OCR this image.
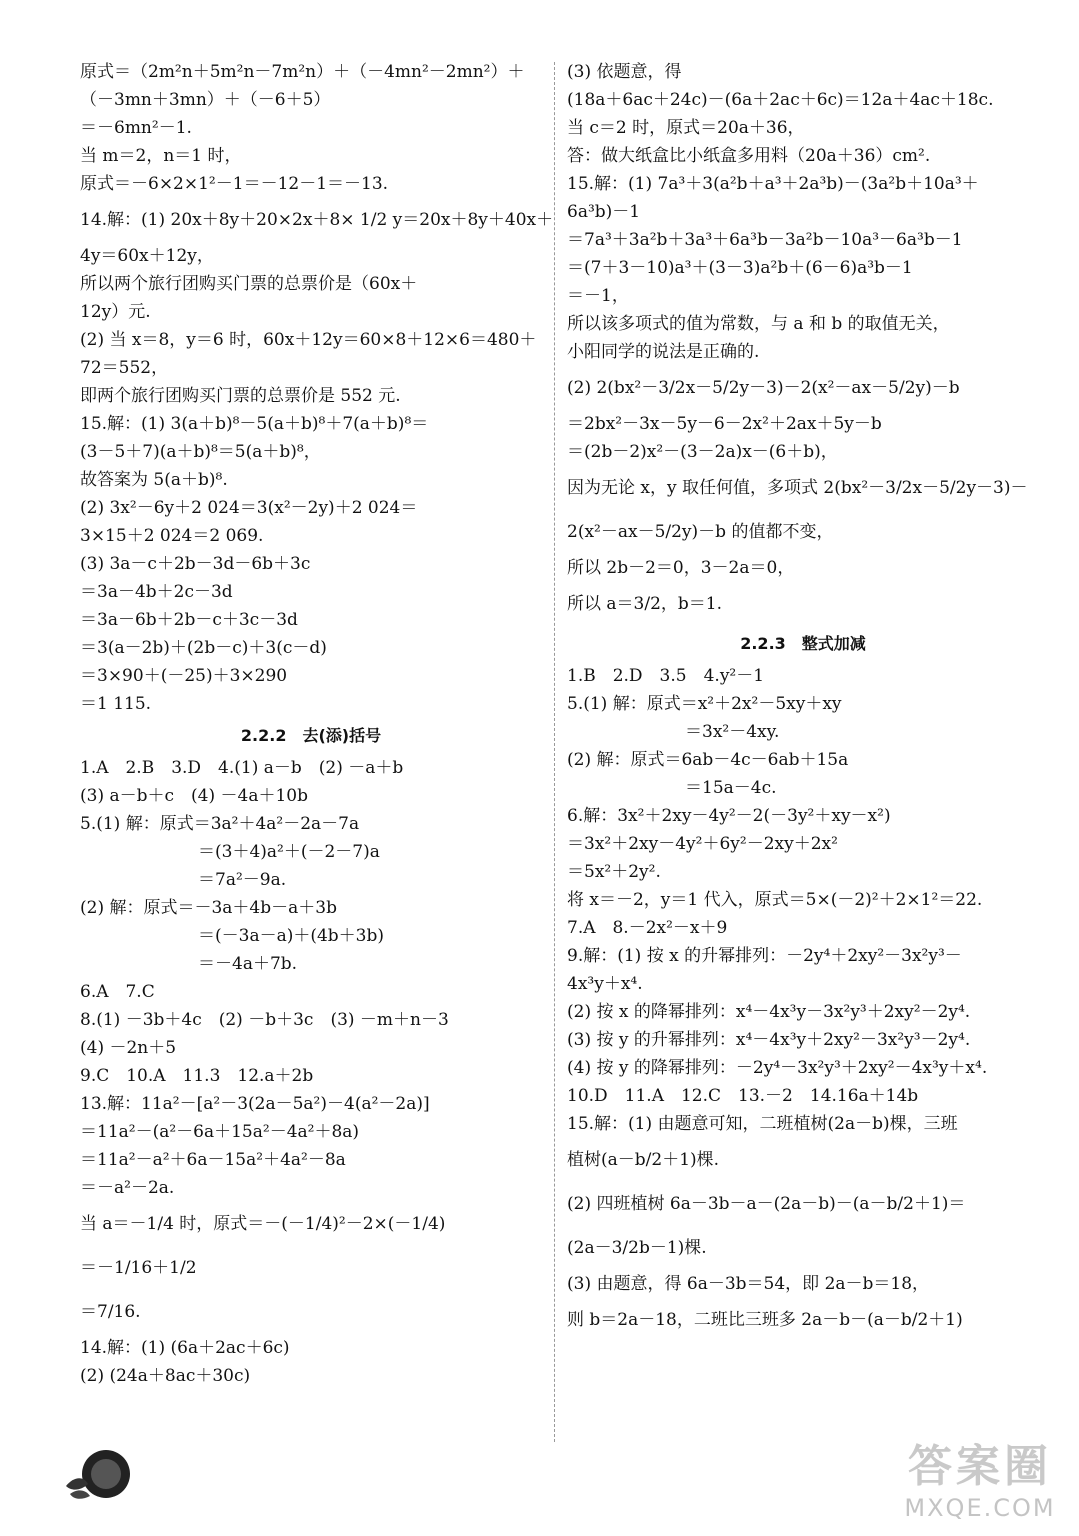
原式＝（2m²n＋5m²n－7m²n）＋（－4mn²－2mn²）＋
（－3mn＋3mn）＋（－6＋5）
＝－6mn²－1.
当 m＝2，n＝1 时，
原式＝－6×2×1²－1＝－12－1＝－13.
14.解：(1) 20x＋8y＋20×2x＋8× 1/2 y＝20x＋8y＋40x＋
4y＝60x＋12y，
所以两个旅行团购买门票的总票价是（60x＋
12y）元.
(2) 当 x＝8，y＝6 时，60x＋12y＝60×8＋12×6＝480＋
72＝552，
即两个旅行团购买门票的总票价是 552 元.
15.解：(1) 3(a＋b)⁸－5(a＋b)⁸＋7(a＋b)⁸＝
(3－5＋7)(a＋b)⁸＝5(a＋b)⁸，
故答案为 5(a＋b)⁸.
(2) 3x²－6y＋2 024＝3(x²－2y)＋2 024＝
3×15＋2 024＝2 069.
(3) 3a－c＋2b－3d－6b＋3c
＝3a－4b＋2c－3d
＝3a－6b＋2b－c＋3c－3d
＝3(a－2b)＋(2b－c)＋3(c－d)
＝3×90＋(－25)＋3×290
＝1 115.
2.2.2　去(添)括号
1.A　2.B　3.D　4.(1) a－b　(2) －a＋b
(3) a－b＋c　(4) －4a＋10b
5.(1) 解：原式＝3a²＋4a²－2a－7a
＝(3＋4)a²＋(－2－7)a
＝7a²－9a.
(2) 解：原式＝－3a＋4b－a＋3b
＝(－3a－a)＋(4b＋3b)
＝－4a＋7b.
6.A　7.C
8.(1) －3b＋4c　(2) －b＋3c　(3) －m＋n－3
(4) －2n＋5
9.C　10.A　11.3　12.a＋2b
13.解：11a²－[a²－3(2a－5a²)－4(a²－2a)]
＝11a²－(a²－6a＋15a²－4a²＋8a)
＝11a²－a²＋6a－15a²＋4a²－8a
＝－a²－2a.
当 a＝－1/4 时，原式＝－(－1/4)²－2×(－1/4)
＝－1/16＋1/2
＝7/16.
14.解：(1) (6a＋2ac＋6c)
(2) (24a＋8ac＋30c)
(3) 依题意，得
(18a＋6ac＋24c)－(6a＋2ac＋6c)＝12a＋4ac＋18c.
当 c＝2 时，原式＝20a＋36，
答：做大纸盒比小纸盒多用料（20a＋36）cm².
15.解：(1) 7a³＋3(a²b＋a³＋2a³b)－(3a²b＋10a³＋
6a³b)－1
＝7a³＋3a²b＋3a³＋6a³b－3a²b－10a³－6a³b－1
＝(7＋3－10)a³＋(3－3)a²b＋(6－6)a³b－1
＝－1，
所以该多项式的值为常数，与 a 和 b 的取值无关，
小阳同学的说法是正确的.
(2) 2(bx²－3/2x－5/2y－3)－2(x²－ax－5/2y)－b
＝2bx²－3x－5y－6－2x²＋2ax＋5y－b
＝(2b－2)x²－(3－2a)x－(6＋b)，
因为无论 x，y 取任何值，多项式 2(bx²－3/2x－5/2y－3)－
2(x²－ax－5/2y)－b 的值都不变，
所以 2b－2＝0，3－2a＝0，
所以 a＝3/2，b＝1.
2.2.3　整式加减
1.B　2.D　3.5　4.y²－1
5.(1) 解：原式＝x²＋2x²－5xy＋xy
＝3x²－4xy.
(2) 解：原式＝6ab－4c－6ab＋15a
＝15a－4c.
6.解：3x²＋2xy－4y²－2(－3y²＋xy－x²)
＝3x²＋2xy－4y²＋6y²－2xy＋2x²
＝5x²＋2y².
将 x＝－2，y＝1 代入，原式＝5×(－2)²＋2×1²＝22.
7.A　8.－2x²－x＋9
9.解：(1) 按 x 的升幂排列：－2y⁴＋2xy²－3x²y³－
4x³y＋x⁴.
(2) 按 x 的降幂排列：x⁴－4x³y－3x²y³＋2xy²－2y⁴.
(3) 按 y 的升幂排列：x⁴－4x³y＋2xy²－3x²y³－2y⁴.
(4) 按 y 的降幂排列：－2y⁴－3x²y³＋2xy²－4x³y＋x⁴.
10.D　11.A　12.C　13.－2　14.16a＋14b
15.解：(1) 由题意可知，二班植树(2a－b)棵，三班
植树(a－b/2＋1)棵.
(2) 四班植树 6a－3b－a－(2a－b)－(a－b/2＋1)＝
(2a－3/2b－1)棵.
(3) 由题意，得 6a－3b＝54，即 2a－b＝18，
则 b＝2a－18，二班比三班多 2a－b－(a－b/2＋1)
答案圈
MXQE.COM
